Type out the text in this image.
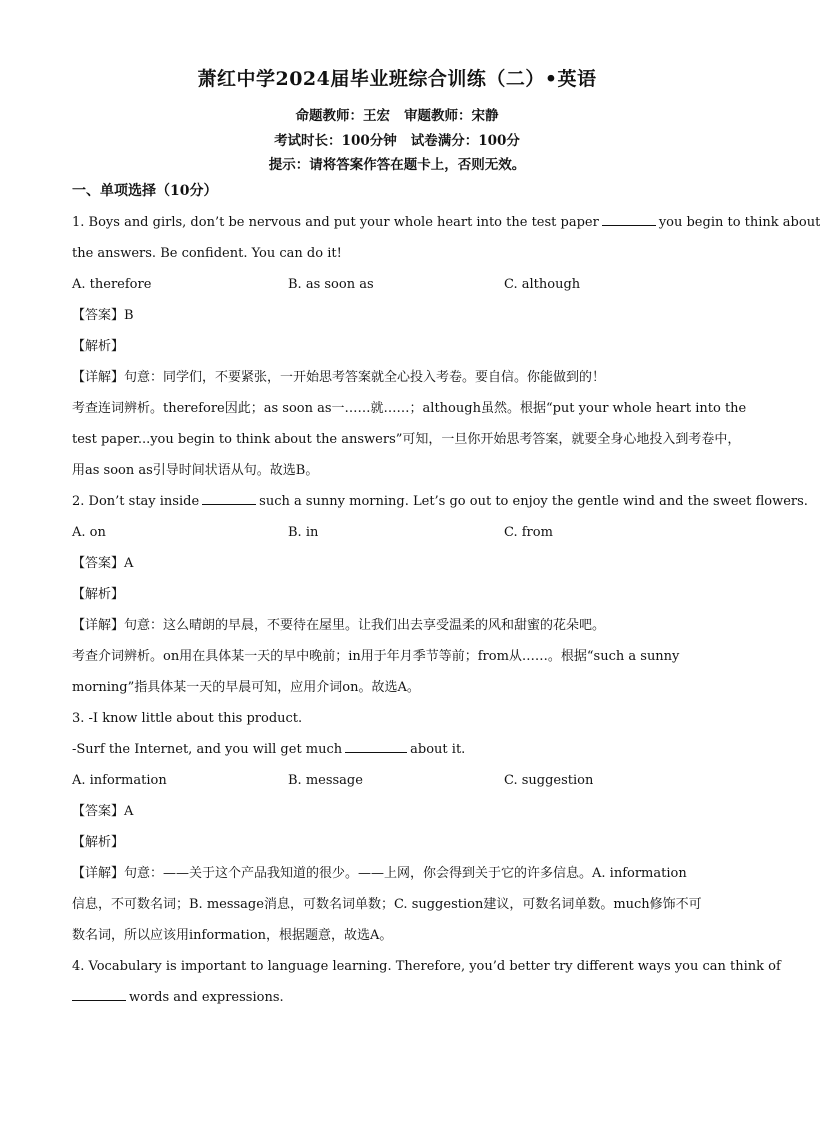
萧红中学2024届毕业班综合训练（二）•英语
命题教师：王宏 审题教师：宋静
考试时长：100分钟 试卷满分：100分
提示：请将答案作答在题卡上，否则无效。
一、单项选择（10分）
1. Boys and girls, don’t be nervous and put your whole heart into the test paper	you begin to think about
the answers. Be confident. You can do it!
A. therefore	B. as soon as	C. although
【答案】B
【解析】
【详解】句意：同学们，不要紧张，一开始思考答案就全心投入考卷。要自信。你能做到的！
考查连词辨析。therefore因此；as soon as一……就……；although虽然。根据“put your whole heart into the
test paper...you begin to think about the answers”可知，一旦你开始思考答案，就要全身心地投入到考卷中，
用as soon as引导时间状语从句。故选B。
2. Don’t stay inside	such a sunny morning. Let’s go out to enjoy the gentle wind and the sweet flowers.
A. on	B. in	C. from
【答案】A
【解析】
【详解】句意：这么晴朗的早晨，不要待在屋里。让我们出去享受温柔的风和甜蜜的花朵吧。
考查介词辨析。on用在具体某一天的早中晚前；in用于年月季节等前；from从……。根据“such a sunny
morning”指具体某一天的早晨可知，应用介词on。故选A。
3. -I know little about this product.
-Surf the Internet, and you will get much	about it.
A. information	B. message	C. suggestion
【答案】A
【解析】
【详解】句意：——关于这个产品我知道的很少。——上网，你会得到关于它的许多信息。A. information
信息，不可数名词；B. message消息，可数名词单数；C. suggestion建议，可数名词单数。much修饰不可
数名词，所以应该用information，根据题意，故选A。
4. Vocabulary is important to language learning. Therefore, you’d better try different ways you can think of
words and expressions.
